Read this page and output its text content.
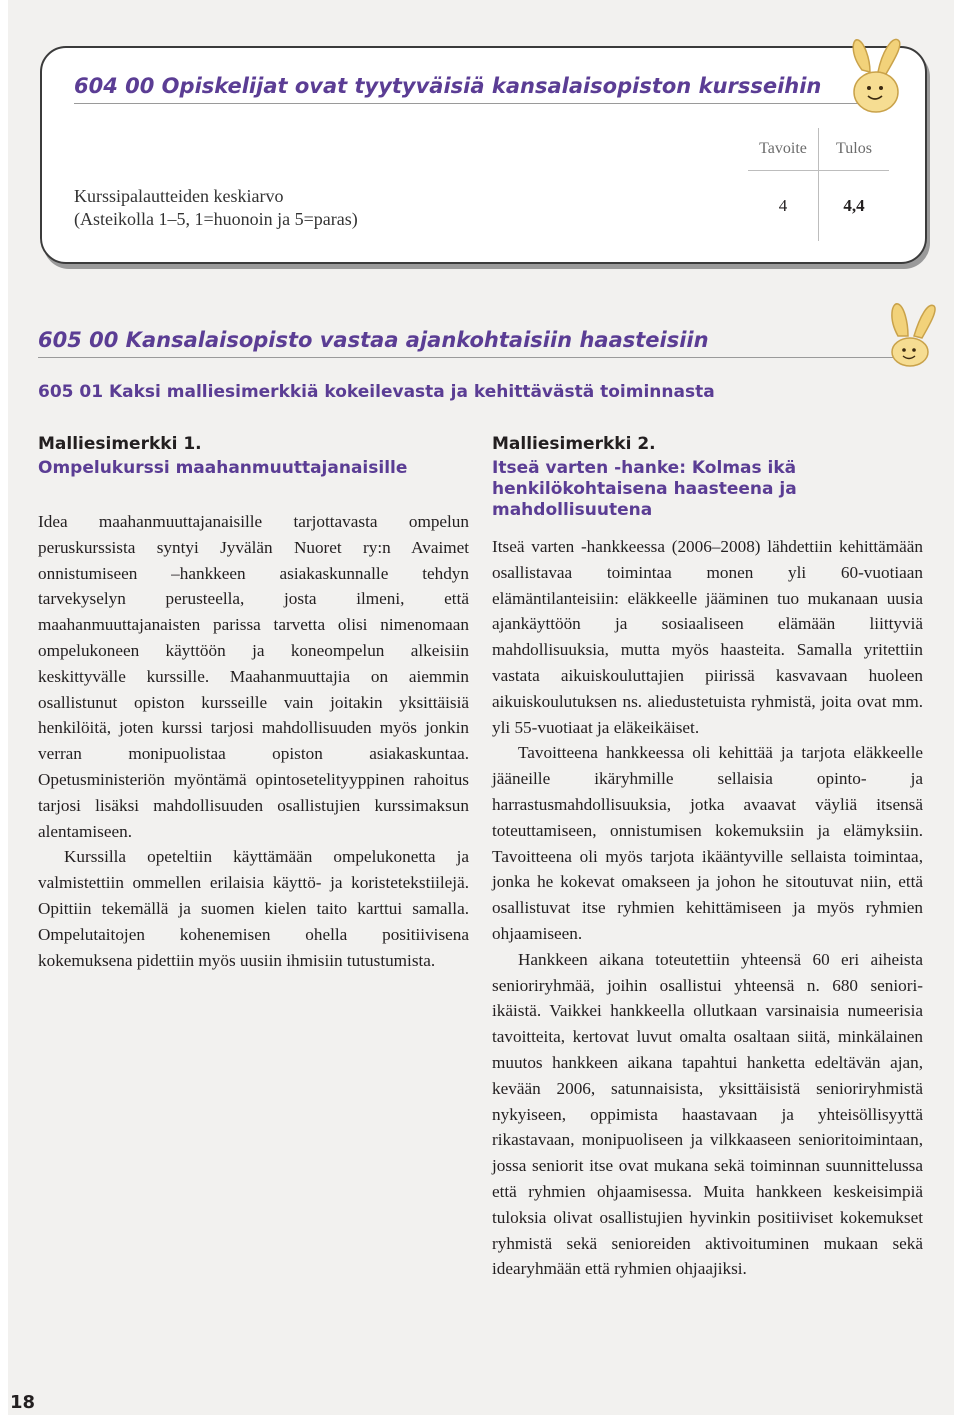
604 00 Opiskelijat ovat tyytyväisiä kansalaisopiston kursseihin
Kurssipalautteiden keskiarvo
(Asteikolla 1–5, 1=huonoin ja 5=paras)
Tavoite	Tulos
4	4,4
605 00 Kansalaisopisto vastaa ajankohtaisiin haasteisiin
605 01 Kaksi malliesimerkkiä kokeilevasta ja kehittävästä toiminnasta
Malliesimerkki 1.
Ompelukurssi maahanmuuttajanaisille

Idea maahanmuuttajanaisille tarjottavasta ompelun peruskurssista syntyi Jyvälän Nuoret ry:n Avaimet onnistumiseen –hankkeen asiakaskunnalle tehdyn tarvekyselyn perusteella, josta ilmeni, että maahanmuuttajanaisten parissa tarvetta olisi nimenomaan ompelukoneen käyttöön ja koneompelun alkeisiin keskittyvälle kurssille. Maahanmuuttajia on aiemmin osallistunut opiston kursseille vain joitakin yksittäisiä henkilöitä, joten kurssi tarjosi mahdollisuuden myös jonkin verran monipuolistaa opiston asiakaskuntaa. Opetusministeriön myöntämä opintosetelityyppinen rahoitus tarjosi lisäksi mahdollisuuden osallistujien kurssimaksun alentamiseen.

Kurssilla opeteltiin käyttämään ompelukonetta ja valmistettiin ommellen erilaisia käyttö- ja koristetekstiilejä. Opittiin tekemällä ja suomen kielen taito karttui samalla. Ompelutaitojen kohenemisen ohella positiivisena kokemuksena pidettiin myös uusiin ihmisiin tutustumista.

Malliesimerkki 2.
Itseä varten -hanke: Kolmas ikä henkilökohtaisena haasteena ja mahdollisuutena

Itseä varten -hankkeessa (2006–2008) lähdettiin kehittämään osallistavaa toimintaa monen yli 60-vuotiaan elämäntilanteisiin: eläkkeelle jääminen tuo mukanaan uusia ajankäyttöön ja sosiaaliseen elämään liittyviä mahdollisuuksia, mutta myös haasteita. Samalla yritettiin vastata aikuiskouluttajien piirissä kasvavaan huoleen aikuiskoulutuksen ns. aliedustetuista ryhmistä, joita ovat mm. yli 55-vuotiaat ja eläkeikäiset.

Tavoitteena hankkeessa oli kehittää ja tarjota eläkkeelle jääneille ikäryhmille sellaisia opinto- ja harrastusmahdollisuuksia, jotka avaavat väyliä itsensä toteuttamiseen, onnistumisen kokemuksiin ja elämyksiin. Tavoitteena oli myös tarjota ikääntyville sellaista toimintaa, jonka he kokevat omakseen ja johon he sitoutuvat niin, että osallistuvat itse ryhmien kehittämiseen ja myös ryhmien ohjaamiseen.

Hankkeen aikana toteutettiin yhteensä 60 eri aiheista senioriryhmää, joihin osallistui yhteensä n. 680 seniori-ikäistä. Vaikkei hankkeella ollutkaan varsinaisia numeerisia tavoitteita, kertovat luvut omalta osaltaan siitä, minkälainen muutos hankkeen aikana tapahtui hanketta edeltävän ajan, kevään 2006, satunnaisista, yksittäisistä senioriryhmistä nykyiseen, oppimista haastavaan ja yhteisöllisyyttä rikastavaan, monipuoliseen ja vilkkaaseen senioritoimintaan, jossa seniorit itse ovat mukana sekä toiminnan suunnittelussa että ryhmien ohjaamisessa. Muita hankkeen keskeisimpiä tuloksia olivat osallistujien hyvinkin positiiviset kokemukset ryhmistä sekä senioreiden aktivoituminen mukaan sekä idearyhmään että ryhmien ohjaajiksi.

18
